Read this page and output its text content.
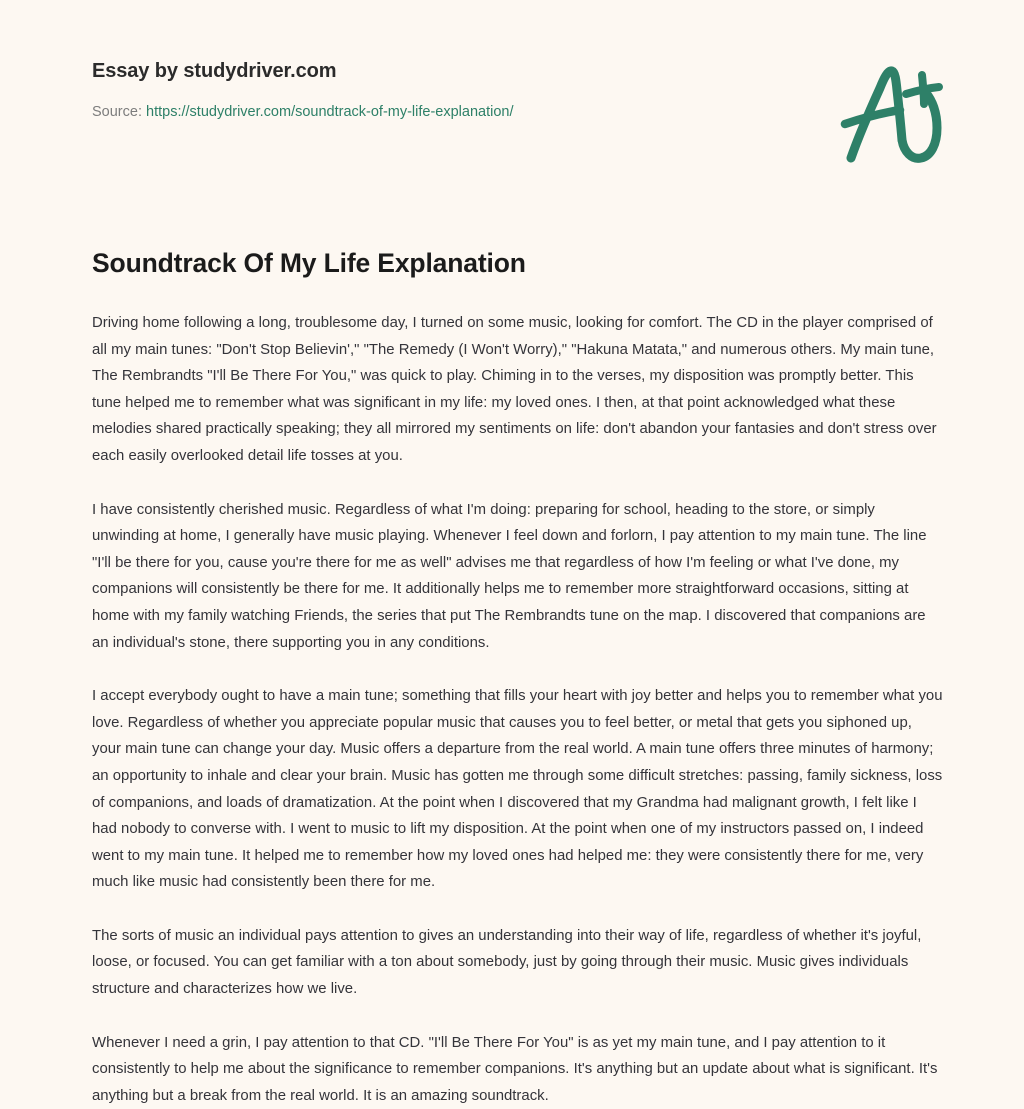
Essay by studydriver.com

Source: https://studydriver.com/soundtrack-of-my-life-explanation/
Soundtrack Of My Life Explanation

Driving home following a long, troublesome day, I turned on some music, looking for comfort. The CD in the player comprised of all my main tunes: "Don't Stop Believin'," "The Remedy (I Won't Worry)," "Hakuna Matata," and numerous others. My main tune, The Rembrandts "I'll Be There For You," was quick to play. Chiming in to the verses, my disposition was promptly better. This tune helped me to remember what was significant in my life: my loved ones. I then, at that point acknowledged what these melodies shared practically speaking; they all mirrored my sentiments on life: don't abandon your fantasies and don't stress over each easily overlooked detail life tosses at you.

I have consistently cherished music. Regardless of what I'm doing: preparing for school, heading to the store, or simply unwinding at home, I generally have music playing. Whenever I feel down and forlorn, I pay attention to my main tune. The line "I'll be there for you, cause you're there for me as well" advises me that regardless of how I'm feeling or what I've done, my companions will consistently be there for me. It additionally helps me to remember more straightforward occasions, sitting at home with my family watching Friends, the series that put The Rembrandts tune on the map. I discovered that companions are an individual's stone, there supporting you in any conditions.

I accept everybody ought to have a main tune; something that fills your heart with joy better and helps you to remember what you love. Regardless of whether you appreciate popular music that causes you to feel better, or metal that gets you siphoned up, your main tune can change your day. Music offers a departure from the real world. A main tune offers three minutes of harmony; an opportunity to inhale and clear your brain. Music has gotten me through some difficult stretches: passing, family sickness, loss of companions, and loads of dramatization. At the point when I discovered that my Grandma had malignant growth, I felt like I had nobody to converse with. I went to music to lift my disposition. At the point when one of my instructors passed on, I indeed went to my main tune. It helped me to remember how my loved ones had helped me: they were consistently there for me, very much like music had consistently been there for me.

The sorts of music an individual pays attention to gives an understanding into their way of life, regardless of whether it's joyful, loose, or focused. You can get familiar with a ton about somebody, just by going through their music. Music gives individuals structure and characterizes how we live.

Whenever I need a grin, I pay attention to that CD. "I'll Be There For You" is as yet my main tune, and I pay attention to it consistently to help me about the significance to remember companions. It's anything but an update about what is significant. It's anything but a break from the real world. It is an amazing soundtrack.
